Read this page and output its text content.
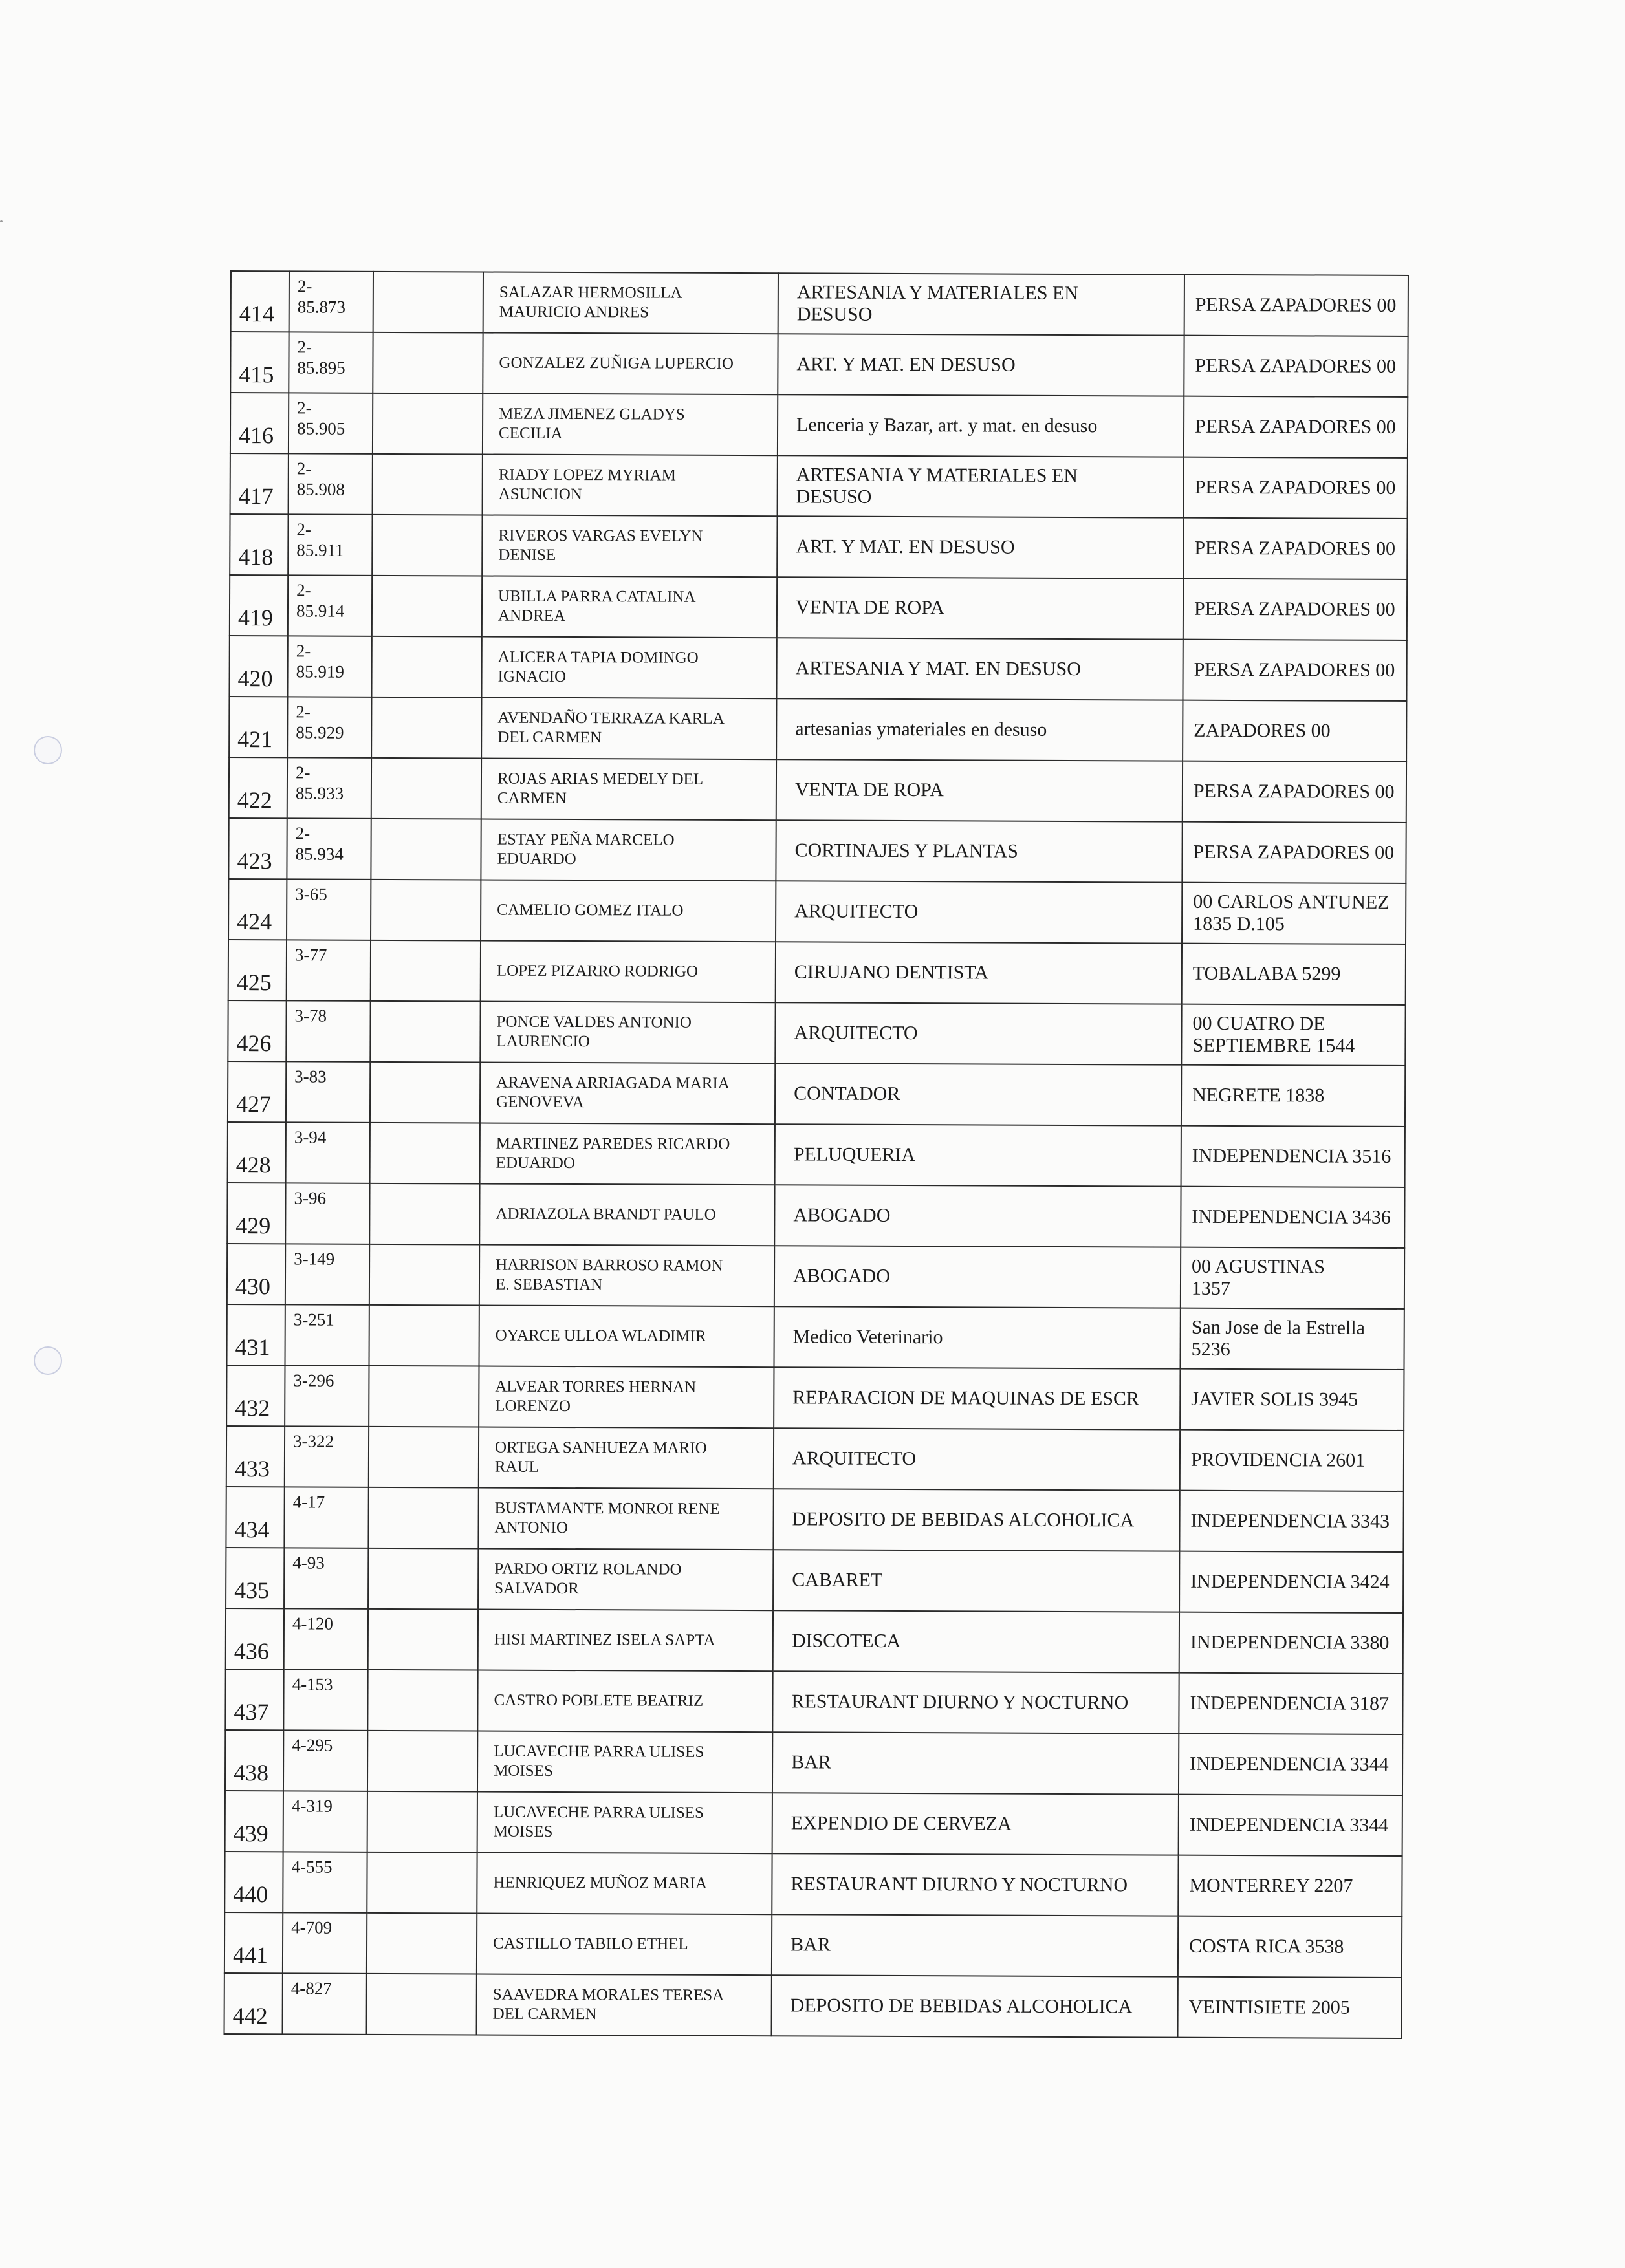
414	2-
85.873		SALAZAR HERMOSILLA
MAURICIO ANDRES	ARTESANIA Y MATERIALES EN
DESUSO	PERSA ZAPADORES 00
415	2-
85.895		GONZALEZ ZUÑIGA LUPERCIO	ART. Y MAT. EN DESUSO	PERSA ZAPADORES 00
416	2-
85.905		MEZA JIMENEZ GLADYS
CECILIA	Lenceria y Bazar, art. y mat. en desuso	PERSA ZAPADORES 00
417	2-
85.908		RIADY LOPEZ MYRIAM
ASUNCION	ARTESANIA Y MATERIALES EN
DESUSO	PERSA ZAPADORES 00
418	2-
85.911		RIVEROS VARGAS EVELYN
DENISE	ART. Y MAT. EN DESUSO	PERSA ZAPADORES 00
419	2-
85.914		UBILLA PARRA CATALINA
ANDREA	VENTA DE ROPA	PERSA ZAPADORES 00
420	2-
85.919		ALICERA TAPIA DOMINGO
IGNACIO	ARTESANIA Y MAT. EN DESUSO	PERSA ZAPADORES 00
421	2-
85.929		AVENDAÑO TERRAZA KARLA
DEL CARMEN	artesanias ymateriales en desuso	ZAPADORES 00
422	2-
85.933		ROJAS ARIAS MEDELY DEL
CARMEN	VENTA DE ROPA	PERSA ZAPADORES 00
423	2-
85.934		ESTAY PEÑA MARCELO
EDUARDO	CORTINAJES Y PLANTAS	PERSA ZAPADORES 00
424	3-65		CAMELIO GOMEZ ITALO	ARQUITECTO	00 CARLOS ANTUNEZ
1835 D.105
425	3-77		LOPEZ PIZARRO RODRIGO	CIRUJANO DENTISTA	TOBALABA 5299
426	3-78		PONCE VALDES ANTONIO
LAURENCIO	ARQUITECTO	00 CUATRO DE
SEPTIEMBRE 1544
427	3-83		ARAVENA ARRIAGADA MARIA
GENOVEVA	CONTADOR	NEGRETE 1838
428	3-94		MARTINEZ PAREDES RICARDO
EDUARDO	PELUQUERIA	INDEPENDENCIA 3516
429	3-96		ADRIAZOLA BRANDT PAULO	ABOGADO	INDEPENDENCIA 3436
430	3-149		HARRISON BARROSO RAMON
E. SEBASTIAN	ABOGADO	00 AGUSTINAS
1357
431	3-251		OYARCE ULLOA WLADIMIR	Medico Veterinario	San Jose de la Estrella
5236
432	3-296		ALVEAR TORRES HERNAN
LORENZO	REPARACION DE MAQUINAS DE ESCR	JAVIER SOLIS 3945
433	3-322		ORTEGA SANHUEZA MARIO
RAUL	ARQUITECTO	PROVIDENCIA 2601
434	4-17		BUSTAMANTE MONROI RENE
ANTONIO	DEPOSITO DE BEBIDAS ALCOHOLICA	INDEPENDENCIA 3343
435	4-93		PARDO ORTIZ ROLANDO
SALVADOR	CABARET	INDEPENDENCIA 3424
436	4-120		HISI MARTINEZ ISELA SAPTA	DISCOTECA	INDEPENDENCIA 3380
437	4-153		CASTRO POBLETE BEATRIZ	RESTAURANT DIURNO Y NOCTURNO	INDEPENDENCIA 3187
438	4-295		LUCAVECHE PARRA ULISES
MOISES	BAR	INDEPENDENCIA 3344
439	4-319		LUCAVECHE PARRA ULISES
MOISES	EXPENDIO DE CERVEZA	INDEPENDENCIA 3344
440	4-555		HENRIQUEZ MUÑOZ MARIA	RESTAURANT DIURNO Y NOCTURNO	MONTERREY 2207
441	4-709		CASTILLO TABILO ETHEL	BAR	COSTA RICA 3538
442	4-827		SAAVEDRA MORALES TERESA
DEL CARMEN	DEPOSITO DE BEBIDAS ALCOHOLICA	VEINTISIETE 2005
